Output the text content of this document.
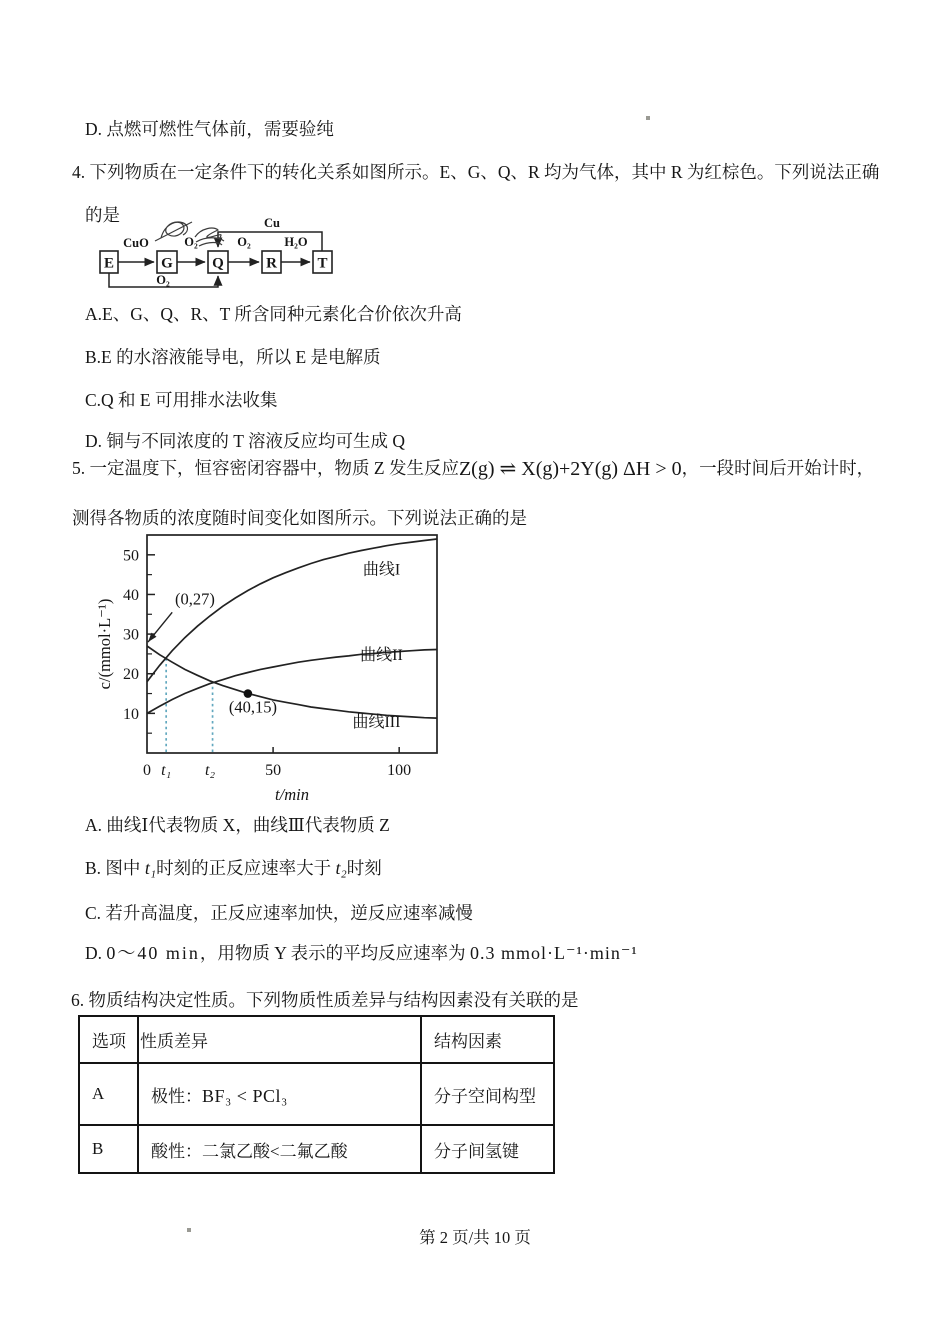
D. 点燃可燃性气体前，需要验纯
4. 下列物质在一定条件下的转化关系如图所示。E、G、Q、R 均为气体，其中 R 为红棕色。下列说法正确
的是
E	G	Q	R	T
CuO	O₂	O₂	H₂O
Cu
O₂
A.E、G、Q、R、T 所含同种元素化合价依次升高
B.E 的水溶液能导电，所以 E 是电解质
C.Q 和 E 可用排水法收集
D. 铜与不同浓度的 T 溶液反应均可生成 Q
5. 一定温度下，恒容密闭容器中，物质 Z 发生反应Z(g) ⇌ X(g)+2Y(g) ΔH > 0，一段时间后开始计时，
测得各物质的浓度随时间变化如图所示。下列说法正确的是
10
20
30
40
50
0 t₁ t₂	50	100
曲线I
曲线II
曲线III
(0,27)
(40,15)
t/min
c/(mmol·L⁻¹)
A. 曲线Ⅰ代表物质 X，曲线Ⅲ代表物质 Z
B. 图中 t₁时刻的正反应速率大于 t₂时刻
C. 若升高温度，正反应速率加快，逆反应速率减慢
D. 0～40 min，用物质 Y 表示的平均反应速率为 0.3 mmol·L⁻¹·min⁻¹
6. 物质结构决定性质。下列物质性质差异与结构因素没有关联的是
选项	性质差异	结构因素
A	极性：BF₃ < PCl₃	分子空间构型
B	酸性：二氯乙酸<二氟乙酸	分子间氢键
第 2 页/共 10 页
